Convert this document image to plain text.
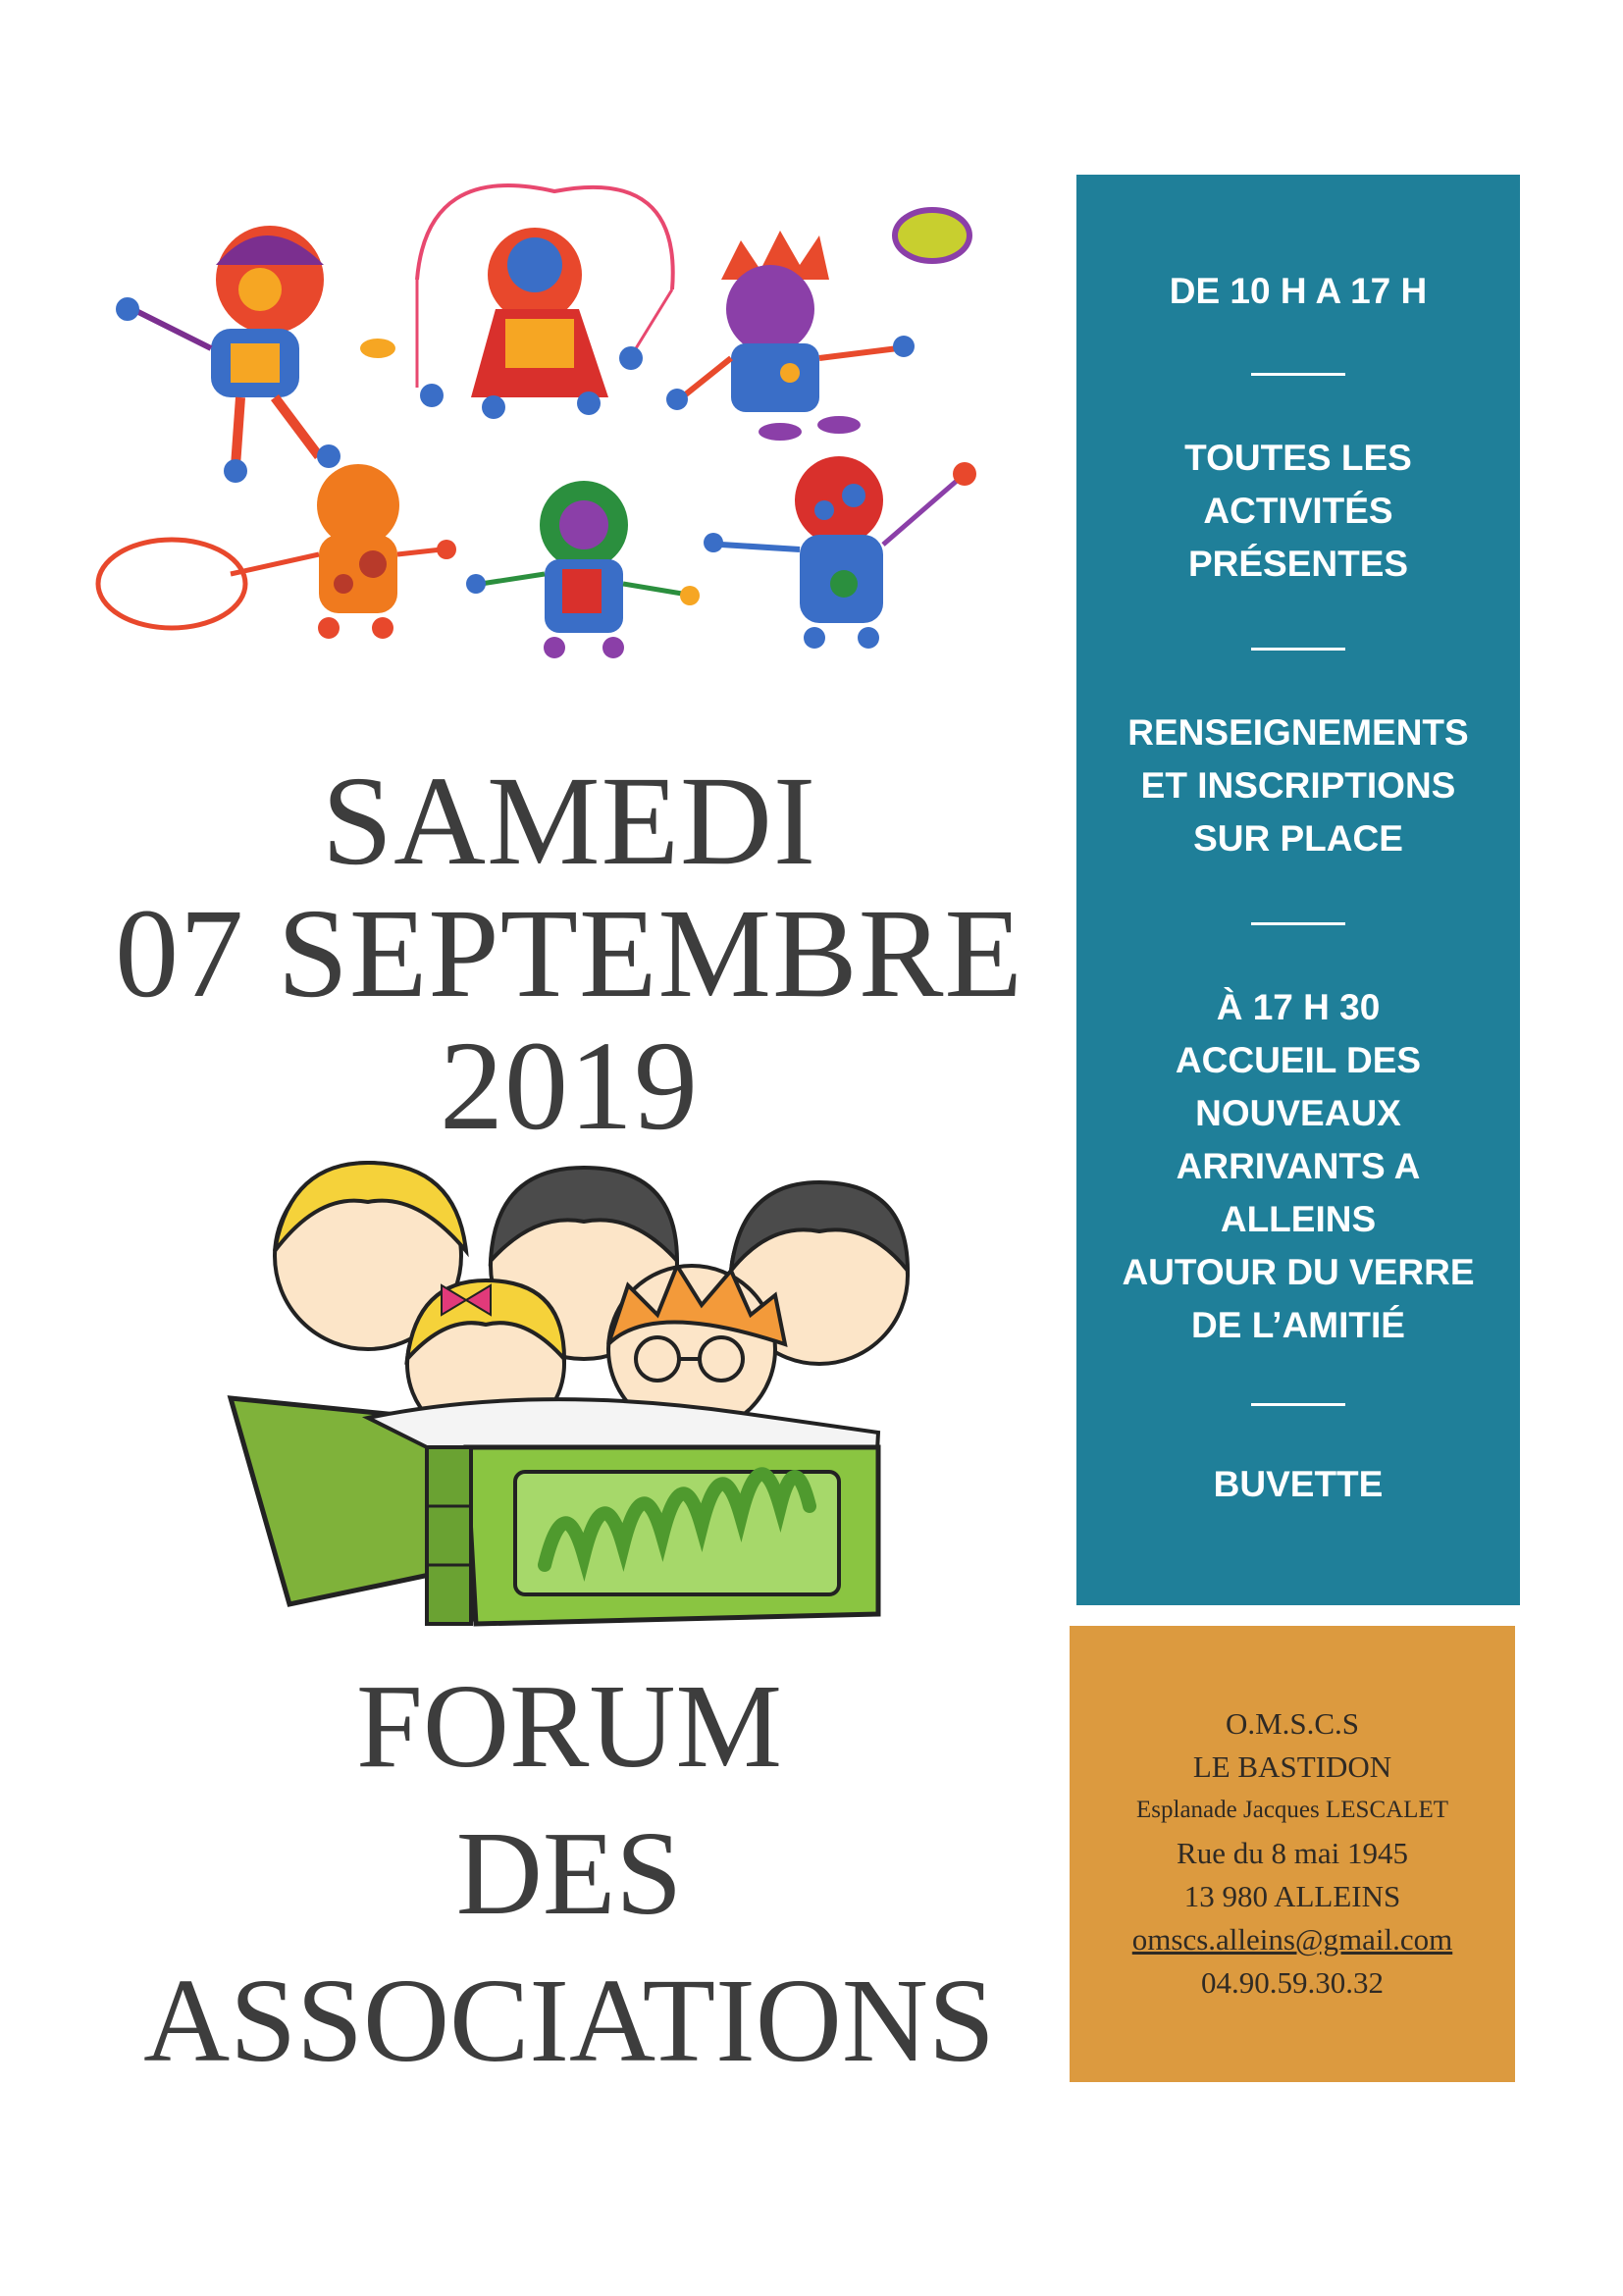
SAMEDI
07 SEPTEMBRE
2019
FORUM
DES
ASSOCIATIONS
DE 10 H A 17 H
TOUTES LES
ACTIVITÉS
PRÉSENTES
RENSEIGNEMENTS
ET INSCRIPTIONS
SUR PLACE
À 17 H 30
ACCUEIL DES
NOUVEAUX
ARRIVANTS A
ALLEINS
AUTOUR DU VERRE
DE L’AMITIÉ
BUVETTE
O.M.S.C.S
LE BASTIDON
Esplanade Jacques LESCALET
Rue du 8 mai 1945
13 980 ALLEINS
omscs.alleins@gmail.com
04.90.59.30.32
